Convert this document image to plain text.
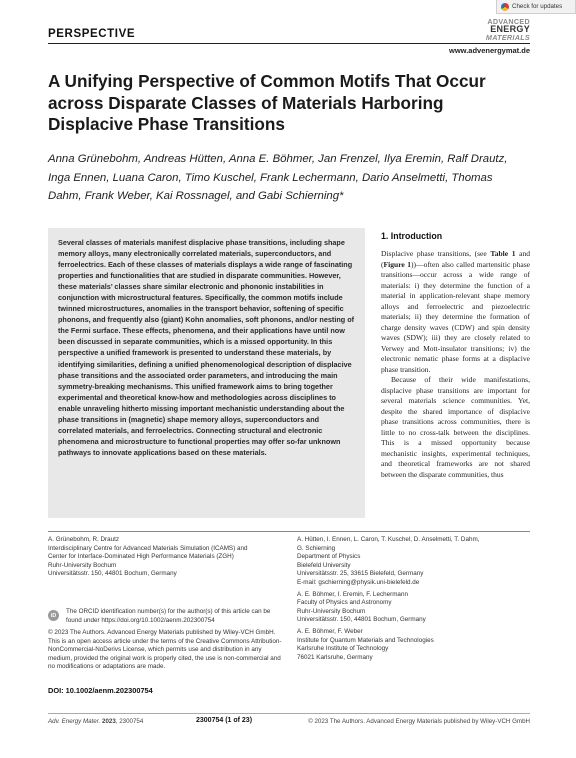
Check for updates
PERSPECTIVE
ADVANCED
ENERGY
MATERIALS
www.advenergymat.de
A Unifying Perspective of Common Motifs That Occur across Disparate Classes of Materials Harboring Displacive Phase Transitions

Anna Grünebohm, Andreas Hütten, Anna E. Böhmer, Jan Frenzel, Ilya Eremin, Ralf Drautz, Inga Ennen, Luana Caron, Timo Kuschel, Frank Lechermann, Dario Anselmetti, Thomas Dahm, Frank Weber, Kai Rossnagel, and Gabi Schierning*

Several classes of materials manifest displacive phase transitions, including shape memory alloys, many electronically correlated materials, superconductors, and ferroelectrics. Each of these classes of materials displays a wide range of fascinating properties and functionalities that are studied in disparate communities. However, these materials’ classes share similar electronic and phononic instabilities in conjunction with microstructural features. Specifically, the common motifs include twinned microstructures, anomalies in the transport behavior, softening of specific phonons, and frequently also (giant) Kohn anomalies, soft phonons, and/or nesting of the Fermi surface. These effects, phenomena, and their applications have until now been discussed in separate communities, which is a missed opportunity. In this perspective a unified framework is presented to understand these materials, by identifying similarities, defining a unified phenomenological description of displacive phase transitions and the associated order parameters, and introducing the main symmetry-breaking mechanisms. This unified framework aims to bring together experimental and theoretical know-how and methodologies across disciplines to enable unraveling hitherto missing important mechanistic understanding about the phase transitions in (magnetic) shape memory alloys, superconductors and correlated materials, and ferroelectrics. Connecting structural and electronic phenomena and microstructure to functional properties may offer so-far unknown pathways to innovate applications based on these materials.

1. Introduction

Displacive phase transitions, (see Table 1 and (Figure 1))—often also called martensitic phase transitions—occur across a wide range of materials: i) they determine the function of a material in application-relevant shape memory alloys and ferroelectric and piezoelectric materials; ii) they determine the formation of charge density waves (CDW) and spin density waves (SDW); iii) they are closely related to Verwey and Mott-insulator transitions; iv) the electronic nematic phase forms at a displacive phase transition.

Because of their wide manifestations, displacive phase transitions are important for several materials science communities. Yet, despite the shared importance of displacive phase transitions across communities, there is little to no cross-talk between the disciplines. This is a missed opportunity because mechanistic insights, experimental techniques, and theoretical frameworks are not shared between the disparate communities, thus

A. Grünebohm, R. Drautz
Interdisciplinary Centre for Advanced Materials Simulation (ICAMS) and
Center for Interface-Dominated High Performance Materials (ZGH)
Ruhr-University Bochum
Universitätsstr. 150, 44801 Bochum, Germany
A. Hütten, I. Ennen, L. Caron, T. Kuschel, D. Anselmetti, T. Dahm,
G. Schierning
Department of Physics
Bielefeld University
Universitätsstr. 25, 33615 Bielefeld, Germany
E-mail: gschierning@physik.uni-bielefeld.de
A. E. Böhmer, I. Eremin, F. Lechermann
Faculty of Physics and Astronomy
Ruhr-University Bochum
Universitätsstr. 150, 44801 Bochum, Germany
A. E. Böhmer, F. Weber
Institute for Quantum Materials and Technologies
Karlsruhe Institute of Technology
76021 Karlsruhe, Germany
iD
The ORCID identification number(s) for the author(s) of this article can be found under https://doi.org/10.1002/aenm.202300754
© 2023 The Authors. Advanced Energy Materials published by Wiley-VCH GmbH. This is an open access article under the terms of the Creative Commons Attribution-NonCommercial-NoDerivs License, which permits use and distribution in any medium, provided the original work is properly cited, the use is non-commercial and no modifications or adaptations are made.
DOI: 10.1002/aenm.202300754
Adv. Energy Mater. 2023, 2300754	2300754 (1 of 23)	© 2023 The Authors. Advanced Energy Materials published by Wiley-VCH GmbH
